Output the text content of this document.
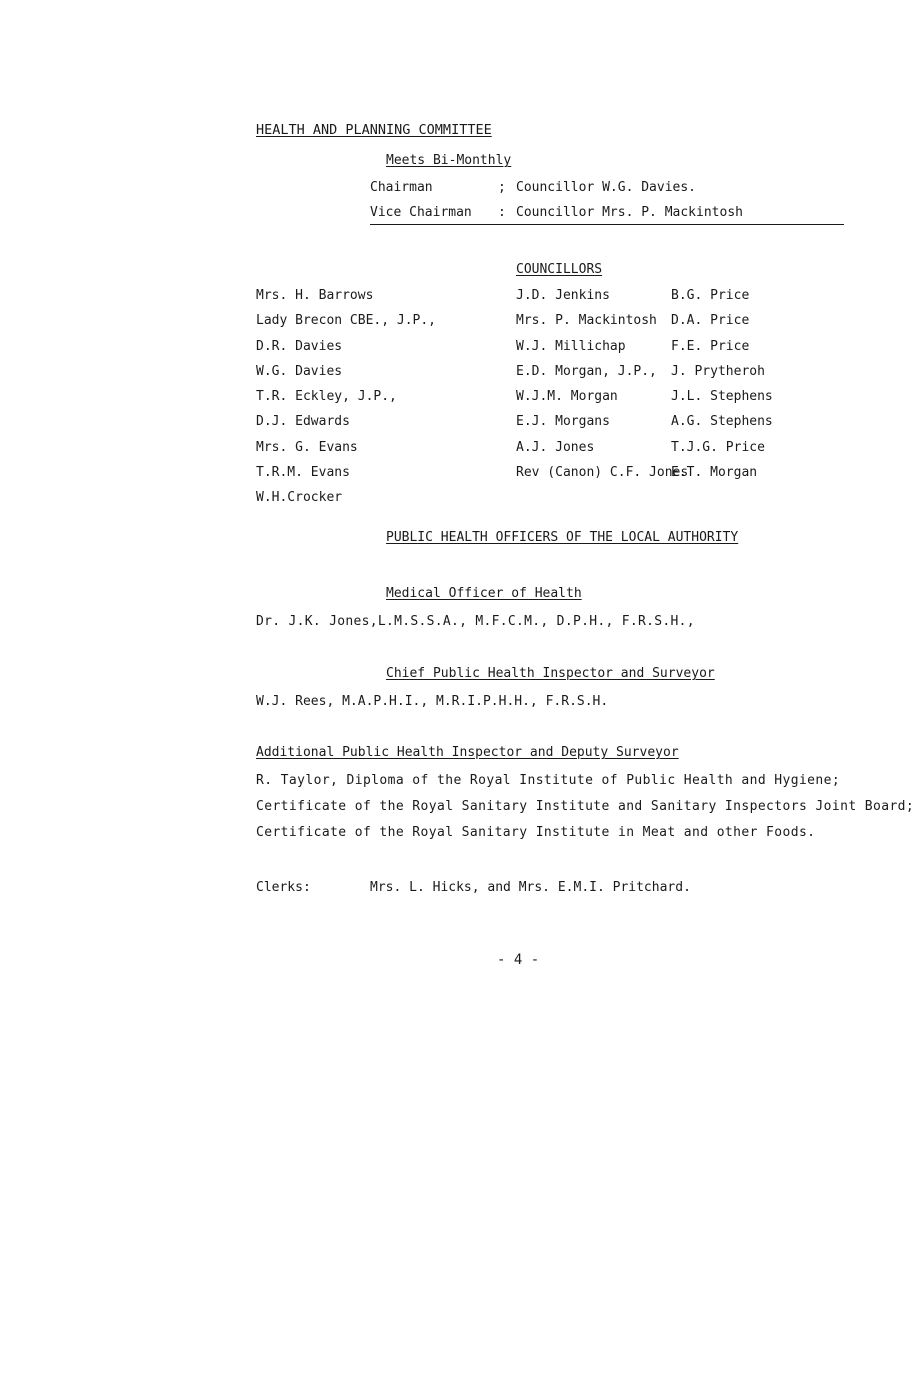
HEALTH AND PLANNING COMMITTEE
Meets Bi-Monthly
Chairman	; Councillor W.G. Davies.
Vice Chairman : Councillor Mrs. P. Mackintosh
COUNCILLORS
Mrs. H. Barrows
Lady Brecon CBE., J.P.,
D.R. Davies
W.G. Davies
T.R. Eckley, J.P.,
D.J. Edwards
Mrs. G. Evans
T.R.M. Evans
W.H.Crocker
J.D. Jenkins
Mrs. P. Mackintosh
W.J. Millichap
E.D. Morgan, J.P.,
W.J.M. Morgan
E.J. Morgans
A.J. Jones
Rev (Canon) C.F. Jones
B.G. Price
D.A. Price
F.E. Price
J. Prytheroh
J.L. Stephens
A.G. Stephens
T.J.G. Price
E.T. Morgan
PUBLIC HEALTH OFFICERS OF THE LOCAL AUTHORITY
Medical Officer of Health
Dr. J.K. Jones,L.M.S.S.A., M.F.C.M., D.P.H., F.R.S.H.,
Chief Public Health Inspector and Surveyor
W.J. Rees, M.A.P.H.I., M.R.I.P.H.H., F.R.S.H.
Additional Public Health Inspector and Deputy Surveyor
R. Taylor, Diploma of the Royal Institute of Public Health and Hygiene;
Certificate of the Royal Sanitary Institute and Sanitary Inspectors Joint Board;
Certificate of the Royal Sanitary Institute in Meat and other Foods.
Clerks:	Mrs. L. Hicks, and Mrs. E.M.I. Pritchard.
- 4 -
